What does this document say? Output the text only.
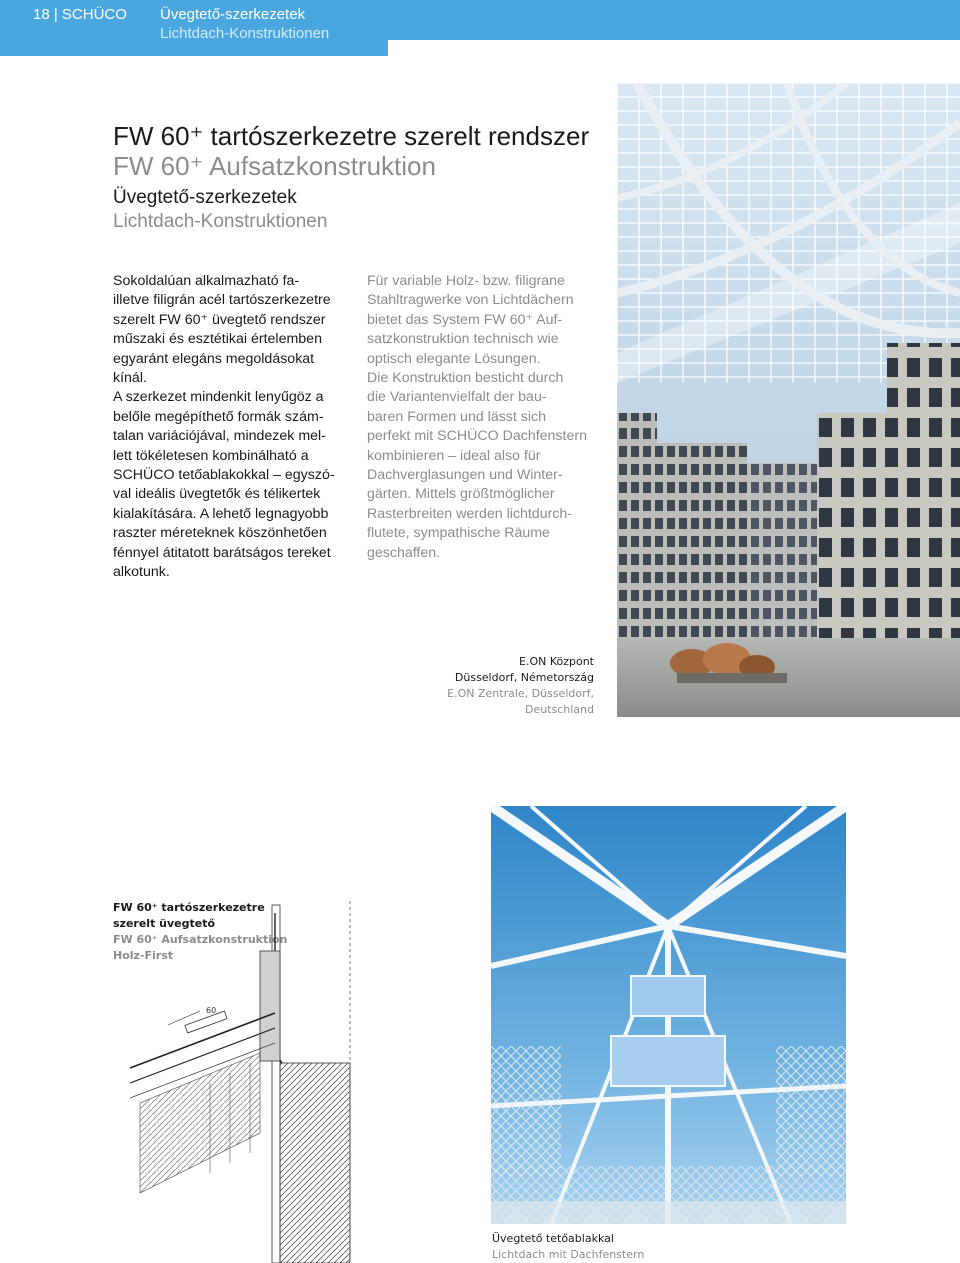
18 | SCHÜCO Üvegtető-szerkezetek
Lichtdach-Konstruktionen
FW 60⁺ tartószerkezetre szerelt rendszer
FW 60⁺ Aufsatzkonstruktion
Üvegtető-szerkezetek
Lichtdach-Konstruktionen

Sokoldalúan alkalmazható fa-
illetve filigrán acél tartószerkezetre
szerelt FW 60⁺ üvegtető rendszer
műszaki és esztétikai értelemben
egyaránt elegáns megoldásokat
kínál.
A szerkezet mindenkit lenyűgöz a
belőle megépíthető formák szám-
talan variációjával, mindezek mel-
lett tökéletesen kombinálható a
SCHÜCO tetőablakokkal – egyszó-
val ideális üvegtetők és télikertek
kialakítására. A lehető legnagyobb
raszter méreteknek köszönhetően
fénnyel átitatott barátságos tereket
alkotunk.

Für variable Holz- bzw. filigrane
Stahltragwerke von Lichtdächern
bietet das System FW 60⁺ Auf-
satzkonstruktion technisch wie
optisch elegante Lösungen.
Die Konstruktion besticht durch
die Variantenvielfalt der bau-
baren Formen und lässt sich
perfekt mit SCHÜCO Dachfenstern
kombinieren – ideal also für
Dachverglasungen und Winter-
gärten. Mittels größtmöglicher
Rasterbreiten werden lichtdurch-
flutete, sympathische Räume
geschaffen.

E.ON Központ
Düsseldorf, Németország
E.ON Zentrale, Düsseldorf,
Deutschland
Üvegtető tetőablakkal
Lichtdach mit Dachfenstern
FW 60⁺ tartószerkezetre
szerelt üvegtető
FW 60⁺ Aufsatzkonstruktion
Holz-First
60
